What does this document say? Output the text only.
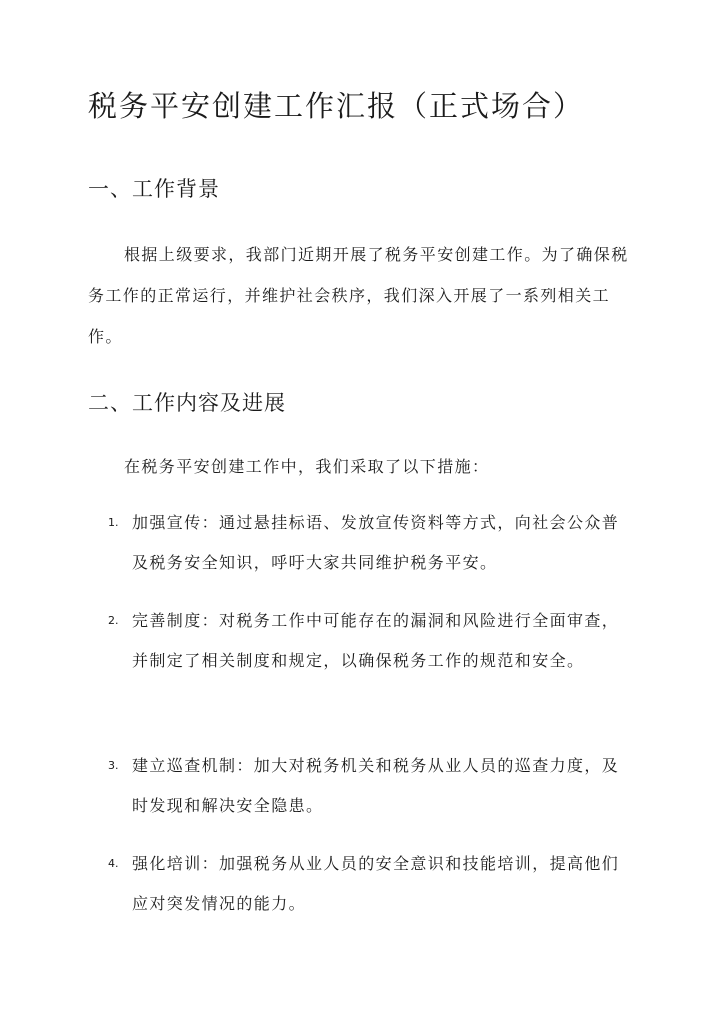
税务平安创建工作汇报（正式场合）
一、工作背景

根据上级要求，我部门近期开展了税务平安创建工作。为了确保税务工作的正常运行，并维护社会秩序，我们深入开展了一系列相关工作。

二、工作内容及进展

在税务平安创建工作中，我们采取了以下措施：

1. 加强宣传：通过悬挂标语、发放宣传资料等方式，向社会公众普及税务安全知识，呼吁大家共同维护税务平安。

2. 完善制度：对税务工作中可能存在的漏洞和风险进行全面审查，并制定了相关制度和规定，以确保税务工作的规范和安全。

3. 建立巡查机制：加大对税务机关和税务从业人员的巡查力度，及时发现和解决安全隐患。

4. 强化培训：加强税务从业人员的安全意识和技能培训，提高他们应对突发情况的能力。
